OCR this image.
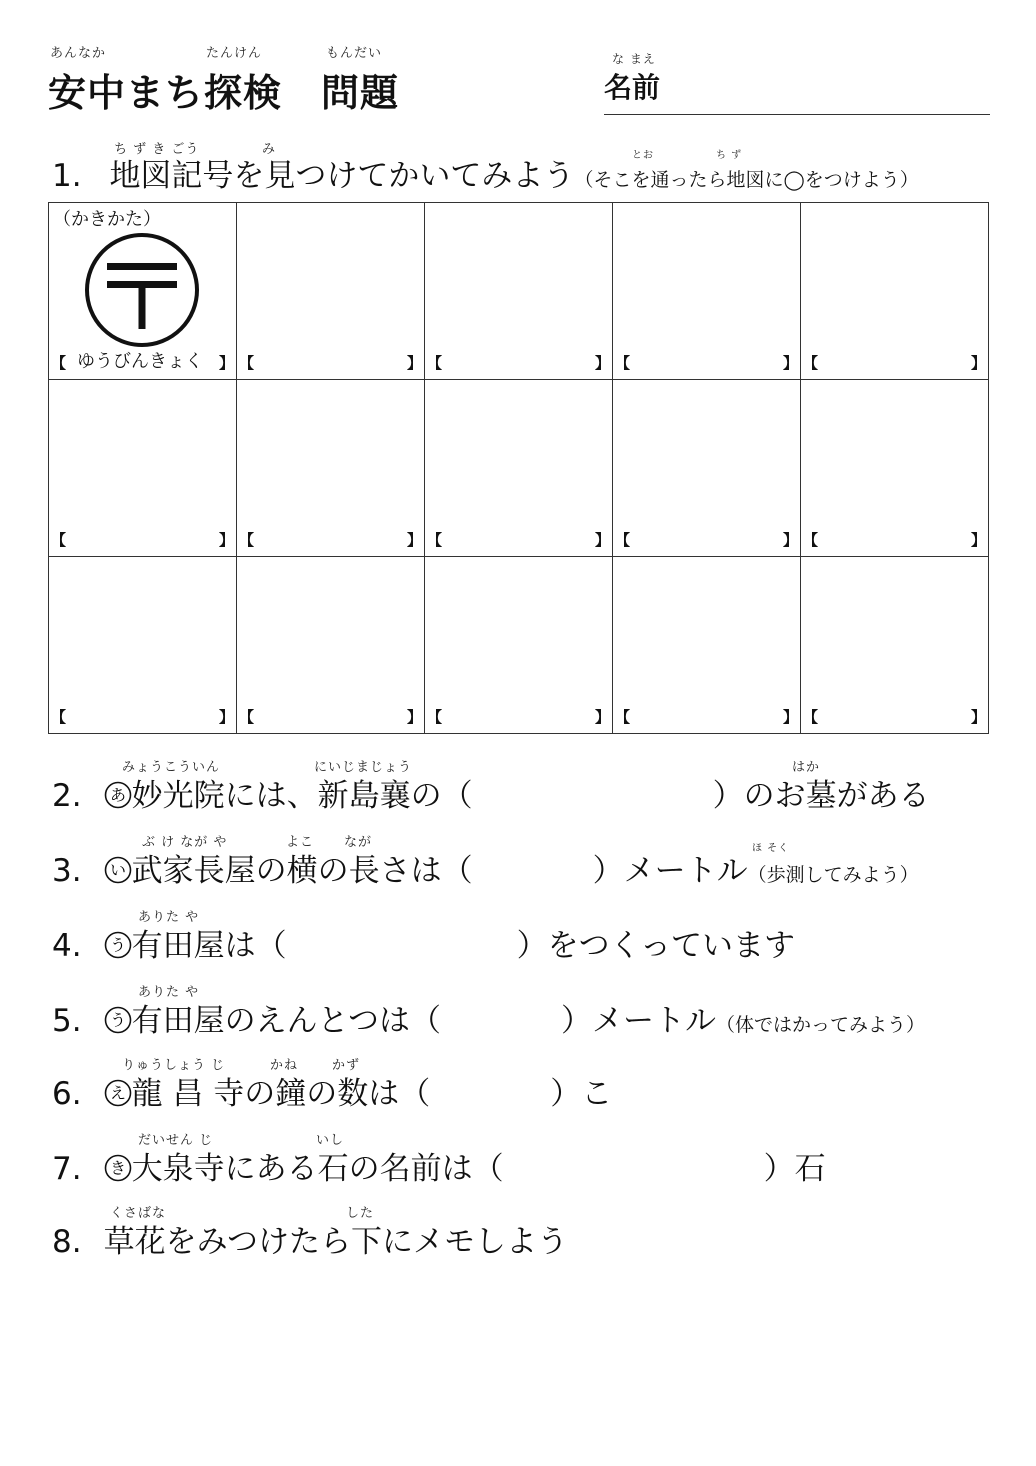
あんなか	たんけん	もんだい
安中まち探検　問題
な まえ
名前
ち ず き ごう	み	とお	ち ず
1. 地図記号を見つけてかいてみよう（そこを通ったら地図に◯をつけよう）
（かきかた）
ゆうびんきょく
【 】	【 】	【 】	【 】	【 】

【 】	【 】	【 】	【 】	【 】

【 】	【 】	【 】	【 】	【 】
みょうこういん	にいじまじょう	はか
2. あ 妙光院には、新島襄の（	）のお墓がある
ぶ け なが や	よこ なが	ほ そく
3. い 武家長屋の横の長さは（	）メートル（歩測してみよう）
ありた や
4. う 有田屋は（	）をつくっています
ありた や
5. う 有田屋のえんとつは（	）メートル（体ではかってみよう）
りゅうしょう じ	かね	かず
6. え 龍 昌 寺の鐘の数は（	）こ
だいせん じ	いし
7. き 大泉寺にある石の名前は（	）石
くさばな	した
8. 草花をみつけたら下にメモしよう
